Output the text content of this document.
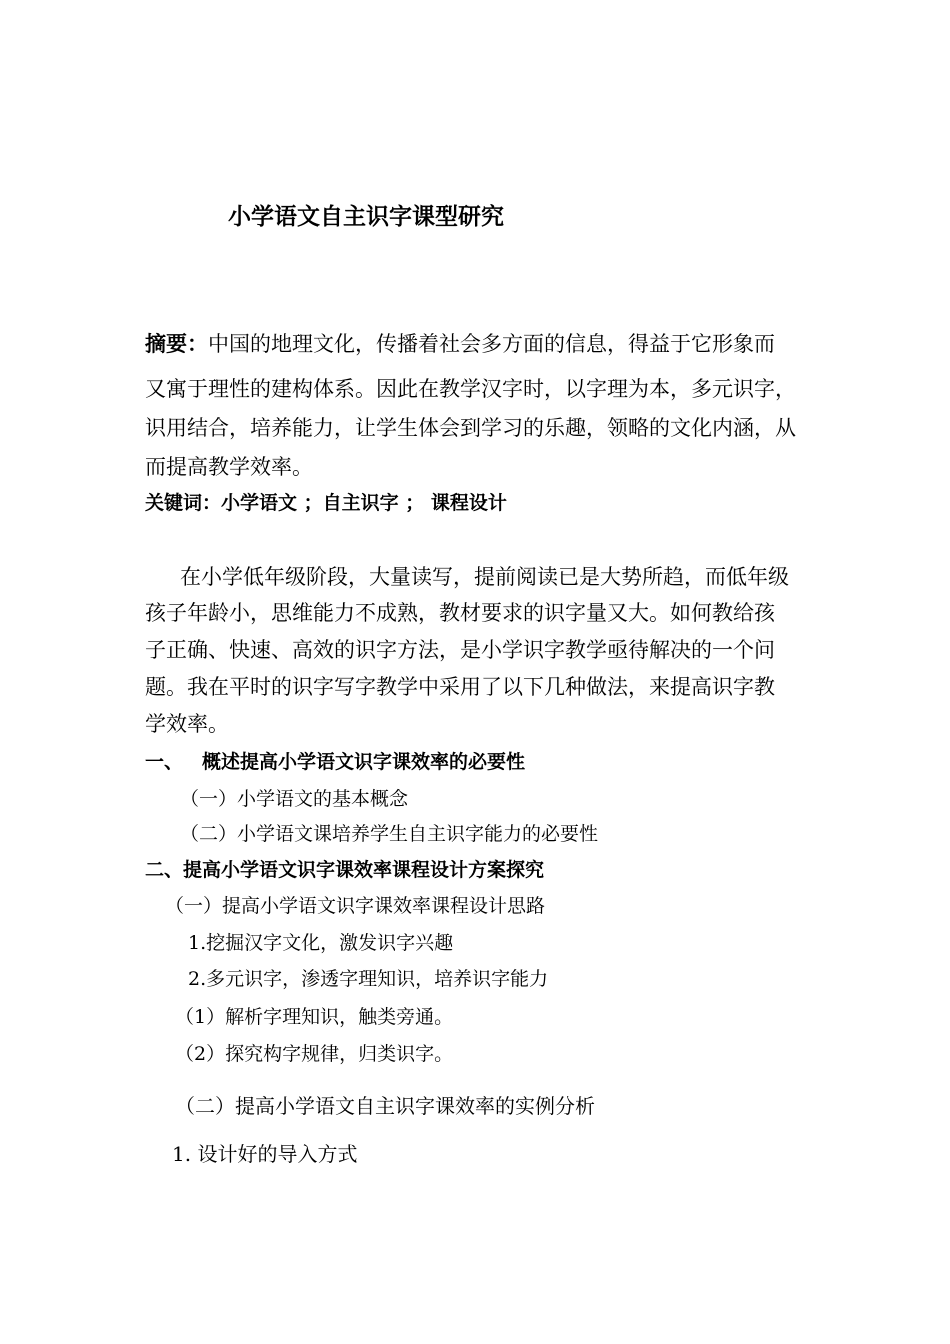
小学语文自主识字课型研究
摘要：中国的地理文化，传播着社会多方面的信息，得益于它形象而
又寓于理性的建构体系。因此在教学汉字时，以字理为本，多元识字，
识用结合，培养能力，让学生体会到学习的乐趣，领略的文化内涵，从
而提高教学效率。
关键词：小学语文 ；自主识字 ； 课程设计
在小学低年级阶段，大量读写，提前阅读已是大势所趋，而低年级
孩子年龄小，思维能力不成熟，教材要求的识字量又大。如何教给孩
子正确、快速、高效的识字方法，是小学识字教学亟待解决的一个问
题。我在平时的识字写字教学中采用了以下几种做法，来提高识字教
学效率。
一、 概述提高小学语文识字课效率的必要性
（一）小学语文的基本概念
（二）小学语文课培养学生自主识字能力的必要性
二、提高小学语文识字课效率课程设计方案探究
（一）提高小学语文识字课效率课程设计思路
1.挖掘汉字文化，激发识字兴趣
2.多元识字，渗透字理知识，培养识字能力
（1）解析字理知识，触类旁通。
（2）探究构字规律，归类识字。
（二）提高小学语文自主识字课效率的实例分析
1. 设计好的导入方式
